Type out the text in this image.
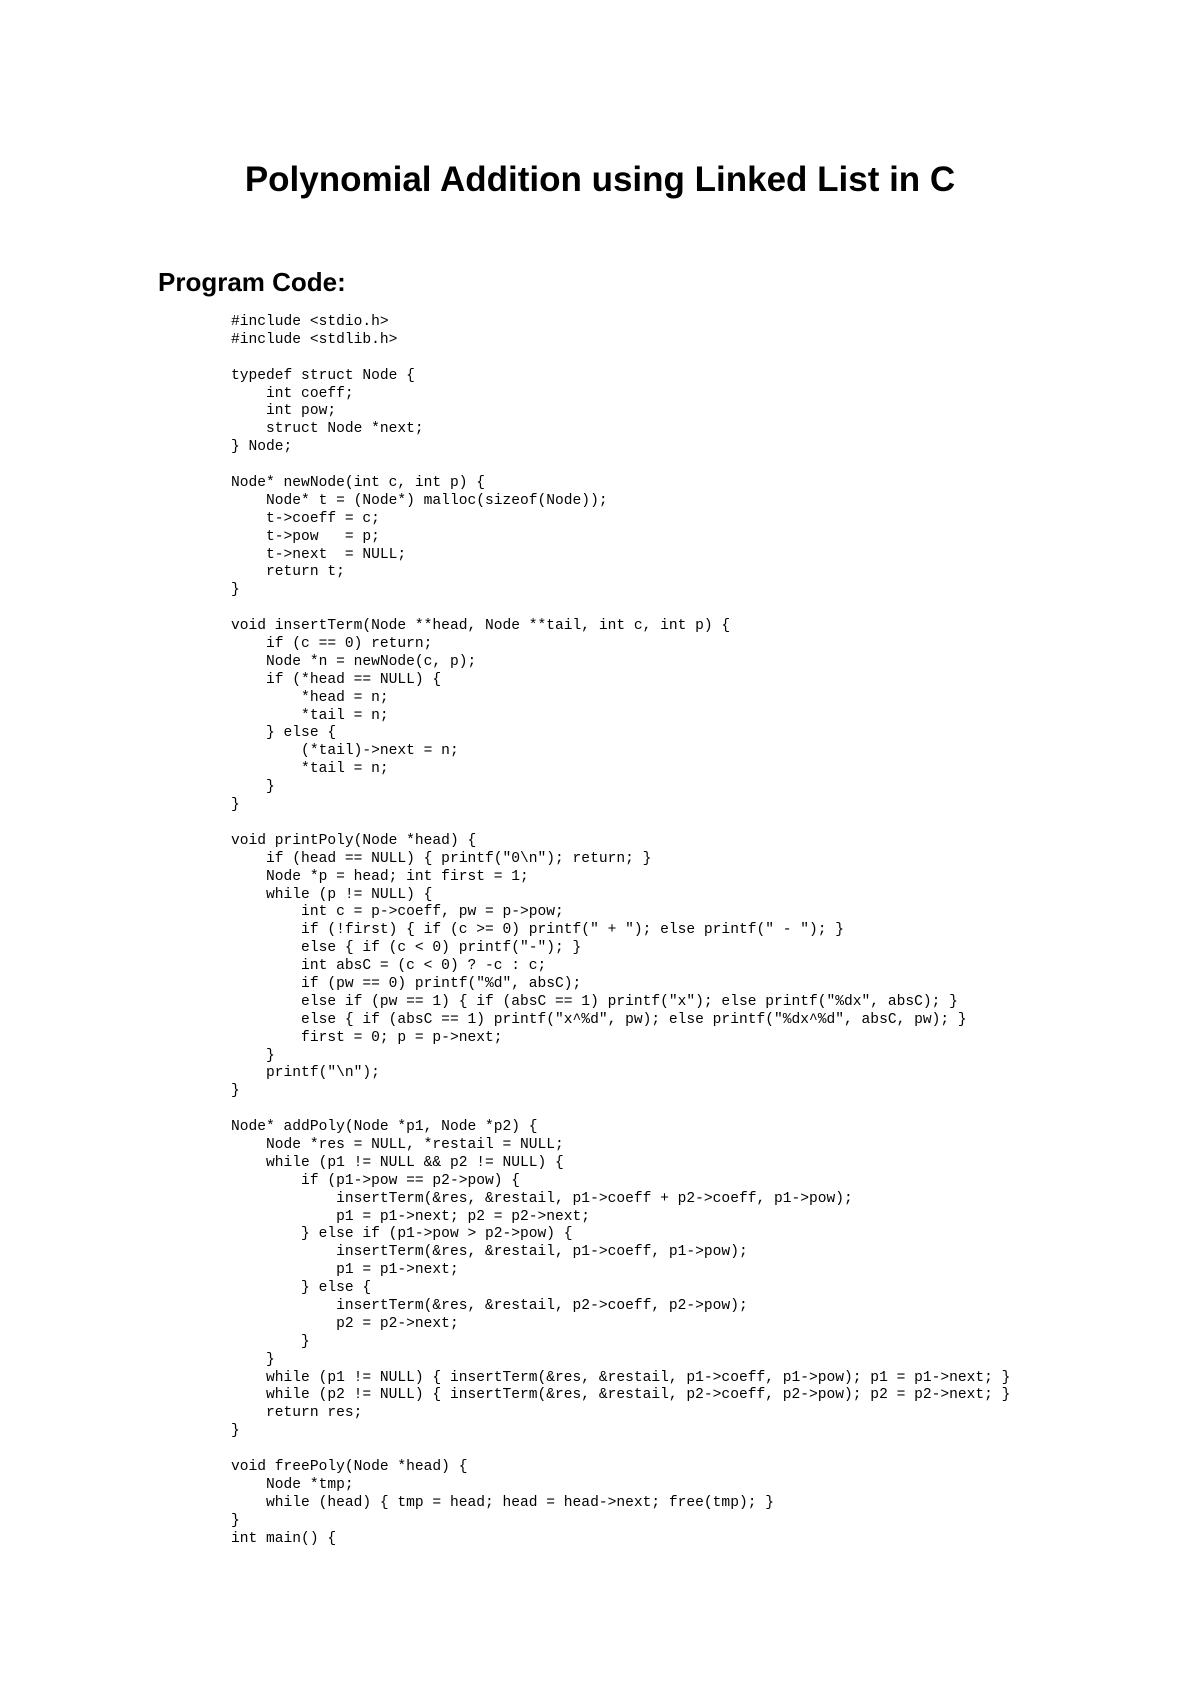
Polynomial Addition using Linked List in C
Program Code:
#include <stdio.h>
#include <stdlib.h>
typedef struct Node {
int coeff;
int pow;
struct Node *next;
} Node;
Node* newNode(int c, int p) {
Node* t = (Node*) malloc(sizeof(Node));
t->coeff = c;
t->pow   = p;
t->next  = NULL;
return t;
}
void insertTerm(Node **head, Node **tail, int c, int p) {
if (c == 0) return;
Node *n = newNode(c, p);
if (*head == NULL) {
*head = n;
*tail = n;
} else {
(*tail)->next = n;
*tail = n;
}
}
void printPoly(Node *head) {
if (head == NULL) { printf("0\n"); return; }
Node *p = head; int first = 1;
while (p != NULL) {
int c = p->coeff, pw = p->pow;
if (!first) { if (c >= 0) printf(" + "); else printf(" - "); }
else { if (c < 0) printf("-"); }
int absC = (c < 0) ? -c : c;
if (pw == 0) printf("%d", absC);
else if (pw == 1) { if (absC == 1) printf("x"); else printf("%dx", absC); }
else { if (absC == 1) printf("x^%d", pw); else printf("%dx^%d", absC, pw); }
first = 0; p = p->next;
}
printf("\n");
}
Node* addPoly(Node *p1, Node *p2) {
Node *res = NULL, *restail = NULL;
while (p1 != NULL && p2 != NULL) {
if (p1->pow == p2->pow) {
insertTerm(&res, &restail, p1->coeff + p2->coeff, p1->pow);
p1 = p1->next; p2 = p2->next;
} else if (p1->pow > p2->pow) {
insertTerm(&res, &restail, p1->coeff, p1->pow);
p1 = p1->next;
} else {
insertTerm(&res, &restail, p2->coeff, p2->pow);
p2 = p2->next;
}
}
while (p1 != NULL) { insertTerm(&res, &restail, p1->coeff, p1->pow); p1 = p1->next; }
while (p2 != NULL) { insertTerm(&res, &restail, p2->coeff, p2->pow); p2 = p2->next; }
return res;
}
void freePoly(Node *head) {
Node *tmp;
while (head) { tmp = head; head = head->next; free(tmp); }
}
int main() {
